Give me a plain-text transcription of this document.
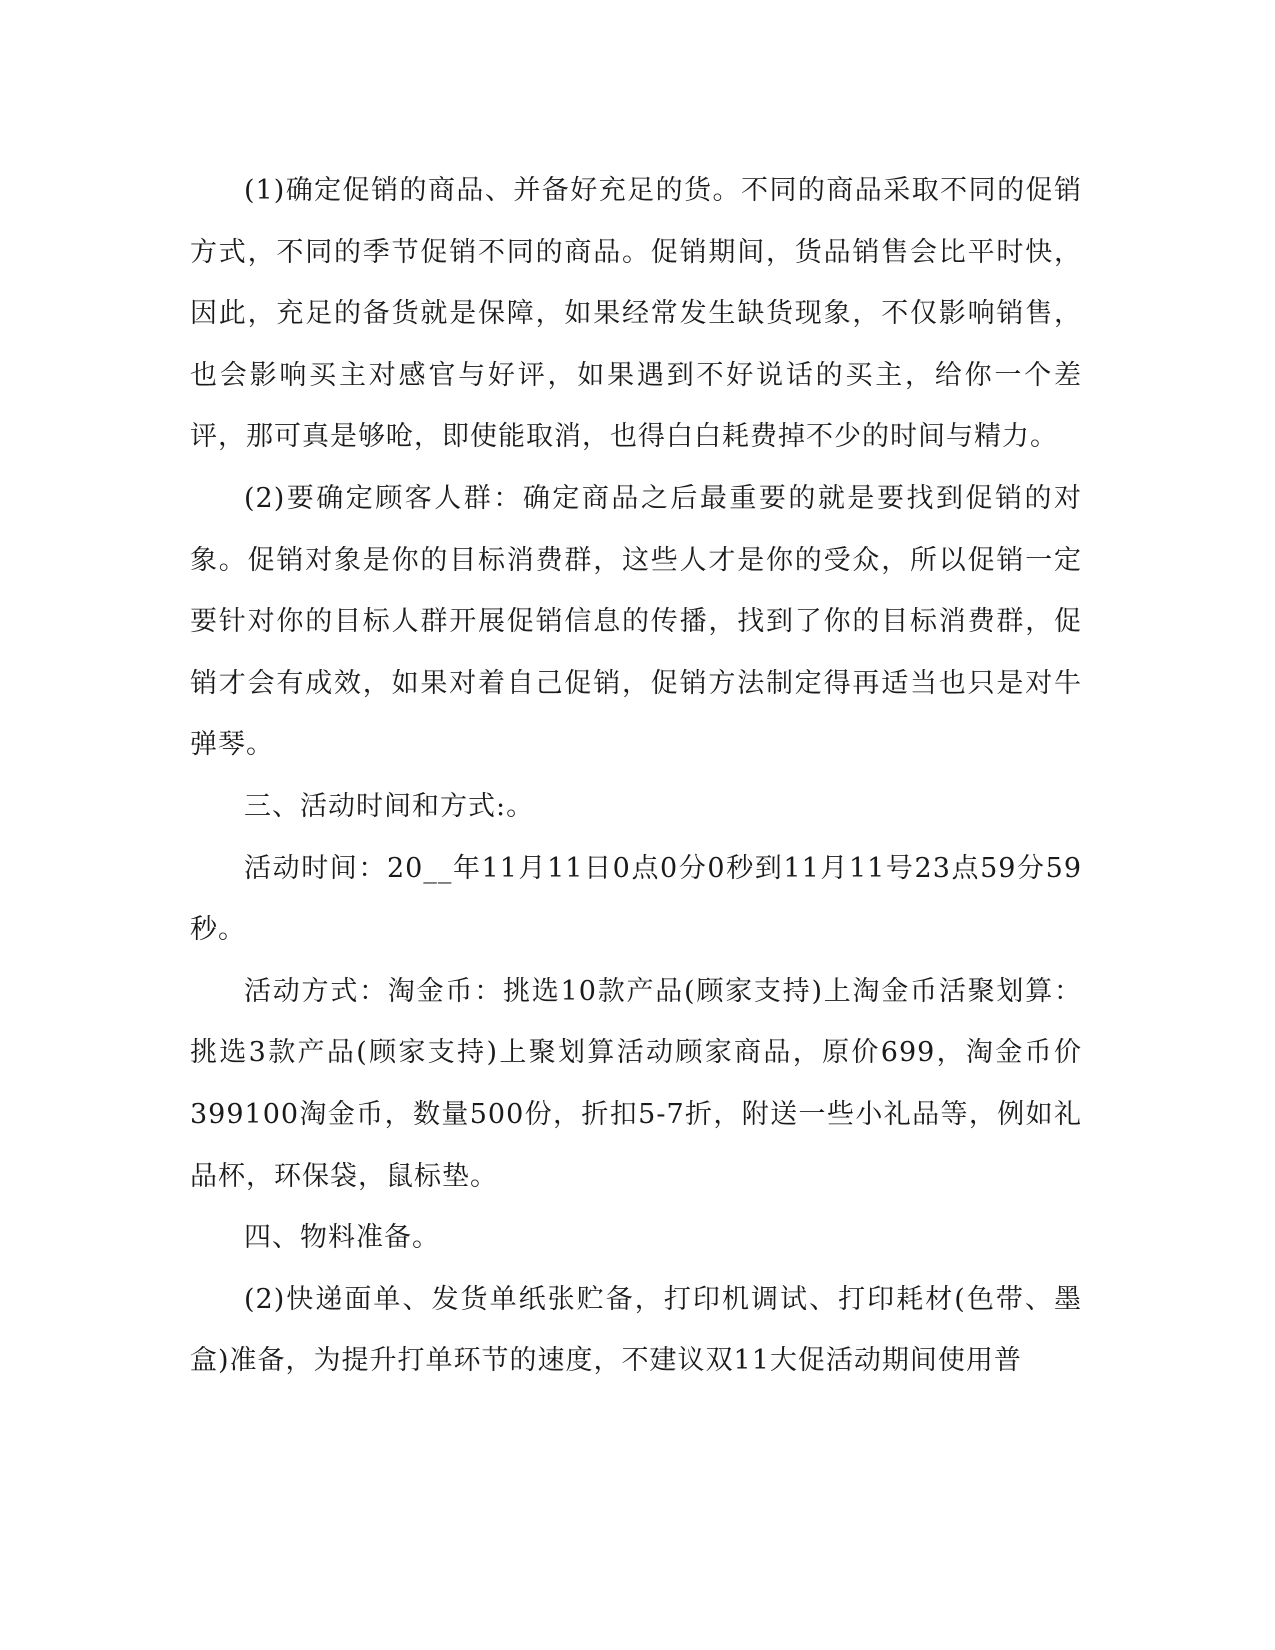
(1)确定促销的商品、并备好充足的货。不同的商品采取不同的促销方式，不同的季节促销不同的商品。促销期间，货品销售会比平时快，因此，充足的备货就是保障，如果经常发生缺货现象，不仅影响销售，也会影响买主对感官与好评，如果遇到不好说话的买主，给你一个差评，那可真是够呛，即使能取消，也得白白耗费掉不少的时间与精力。

(2)要确定顾客人群：确定商品之后最重要的就是要找到促销的对象。促销对象是你的目标消费群，这些人才是你的受众，所以促销一定要针对你的目标人群开展促销信息的传播，找到了你的目标消费群，促销才会有成效，如果对着自己促销，促销方法制定得再适当也只是对牛弹琴。

三、活动时间和方式:。

活动时间：20__年11月11日0点0分0秒到11月11号23点59分59秒。

活动方式：淘金币：挑选10款产品(顾家支持)上淘金币活聚划算：挑选3款产品(顾家支持)上聚划算活动顾家商品，原价699，淘金币价399100淘金币，数量500份，折扣5-7折，附送一些小礼品等，例如礼品杯，环保袋，鼠标垫。

四、物料准备。

(2)快递面单、发货单纸张贮备，打印机调试、打印耗材(色带、墨盒)准备，为提升打单环节的速度，不建议双11大促活动期间使用普
